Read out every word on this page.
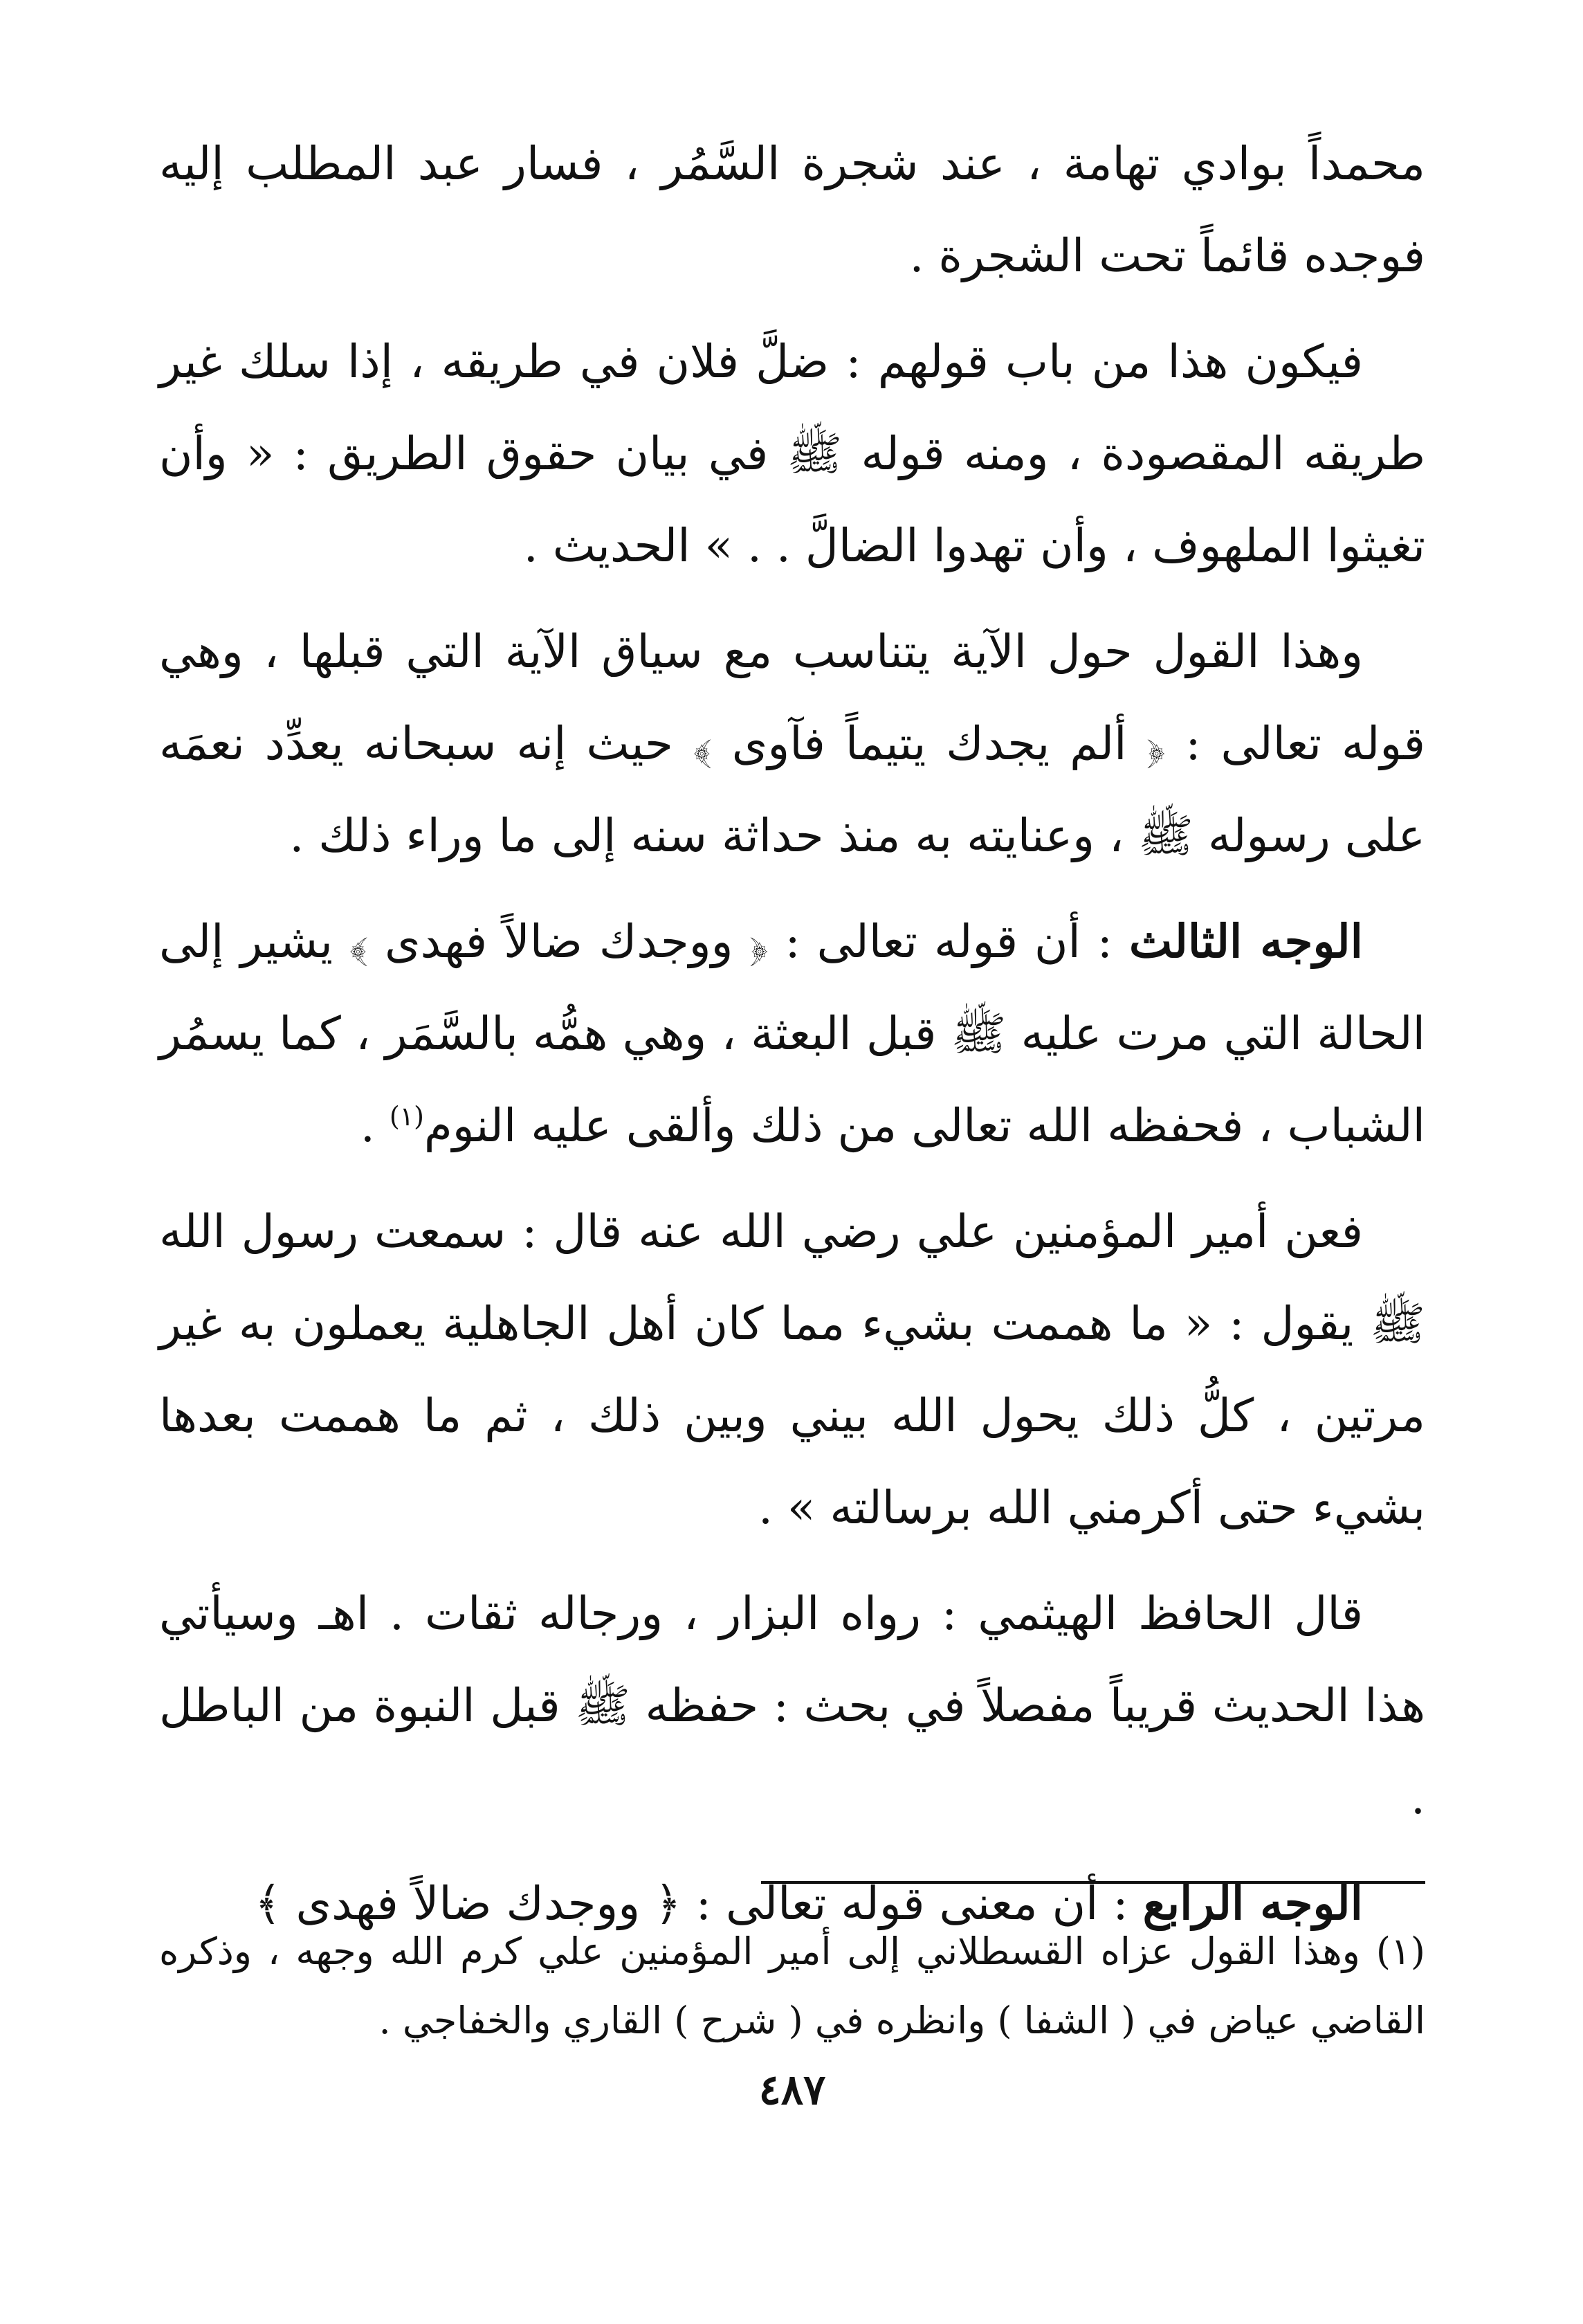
محمداً بوادي تهامة ، عند شجرة السَّمُر ، فسار عبد المطلب إليه فوجده قائماً تحت الشجرة .

فيكون هذا من باب قولهم : ضلَّ فلان في طريقه ، إذا سلك غير طريقه المقصودة ، ومنه قوله ﷺ في بيان حقوق الطريق : « وأن تغيثوا الملهوف ، وأن تهدوا الضالَّ . . » الحديث .

وهذا القول حول الآية يتناسب مع سياق الآية التي قبلها ، وهي قوله تعالى : ﴿ ألم يجدك يتيماً فآوى ﴾ حيث إنه سبحانه يعدِّد نعمَه على رسوله ﷺ ، وعنايته به منذ حداثة سنه إلى ما وراء ذلك .

الوجه الثالث : أن قوله تعالى : ﴿ ووجدك ضالاً فهدى ﴾ يشير إلى الحالة التي مرت عليه ﷺ قبل البعثة ، وهي همُّه بالسَّمَر ، كما يسمُر الشباب ، فحفظه الله تعالى من ذلك وألقى عليه النوم$^{(١)}$ .

فعن أمير المؤمنين علي رضي الله عنه قال : سمعت رسول الله ﷺ يقول : « ما هممت بشيء مما كان أهل الجاهلية يعملون به غير مرتين ، كلُّ ذلك يحول الله بيني وبين ذلك ، ثم ما هممت بعدها بشيء حتى أكرمني الله برسالته » .

قال الحافظ الهيثمي : رواه البزار ، ورجاله ثقات . اهـ وسيأتي هذا الحديث قريباً مفصلاً في بحث : حفظه ﷺ قبل النبوة من الباطل .

الوجه الرابع : أن معنى قوله تعالى : ﴿ ووجدك ضالاً فهدى ﴾

(١) وهذا القول عزاه القسطلاني إلى أمير المؤمنين علي كرم الله وجهه ، وذكره القاضي عياض في ( الشفا ) وانظره في ( شرح ) القاري والخفاجي .

٤٨٧
